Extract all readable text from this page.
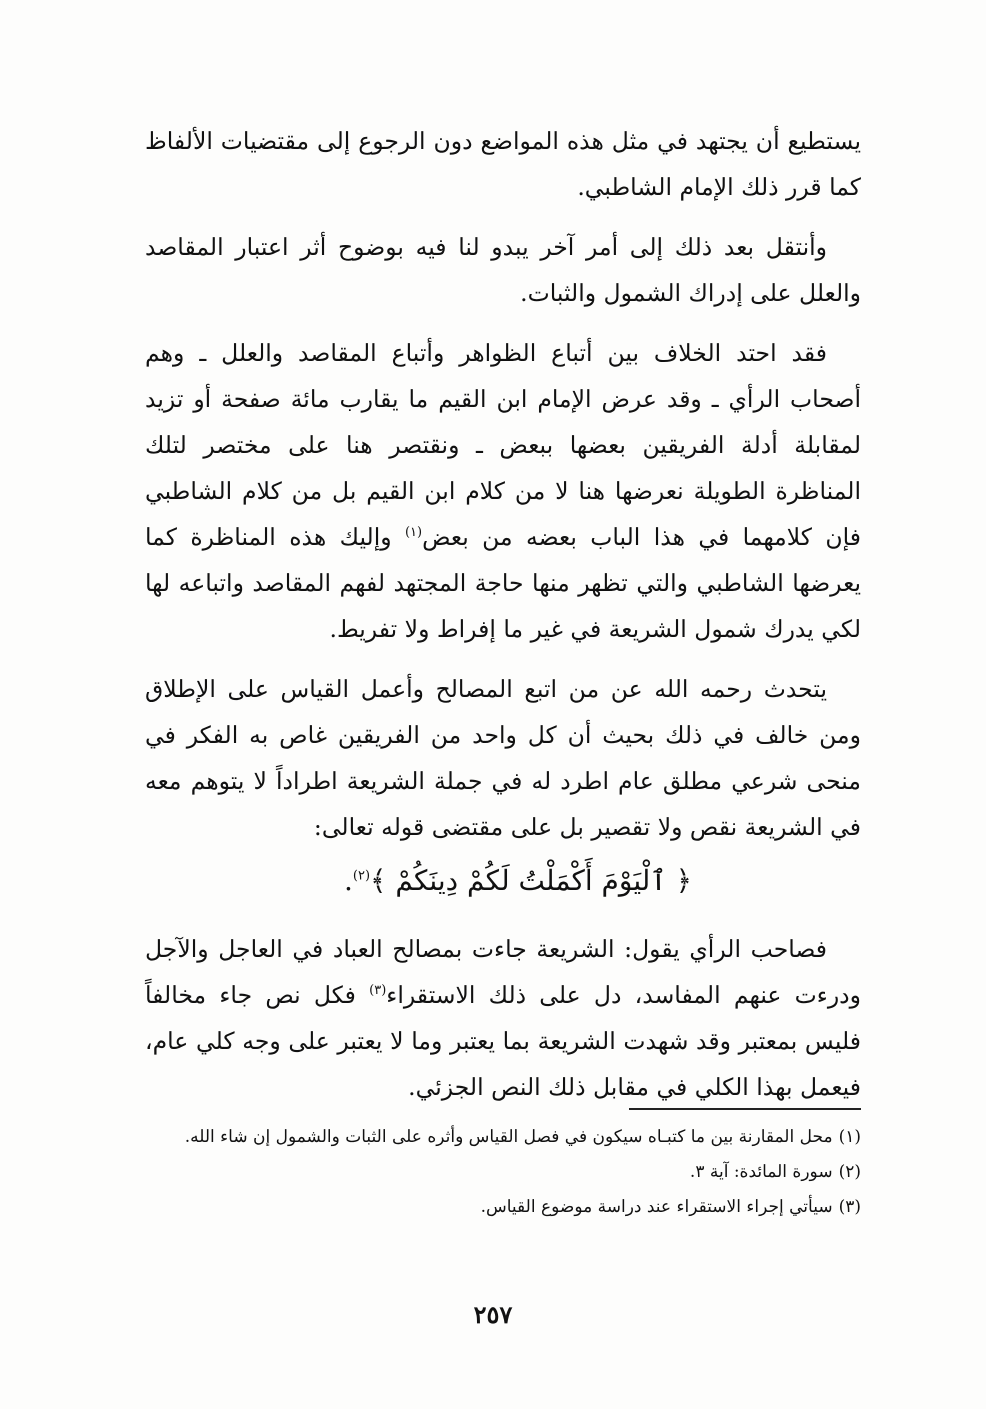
يستطيع أن يجتهد في مثل هذه المواضع دون الرجوع إلى مقتضيات الألفاظ كما قرر ذلك الإمام الشاطبي.

وأنتقل بعد ذلك إلى أمر آخر يبدو لنا فيه بوضوح أثر اعتبار المقاصد والعلل على إدراك الشمول والثبات.

فقد احتد الخلاف بين أتباع الظواهر وأتباع المقاصد والعلل ـ وهم أصحاب الرأي ـ وقد عرض الإمام ابن القيم ما يقارب مائة صفحة أو تزيد لمقابلة أدلة الفريقين بعضها ببعض ـ ونقتصر هنا على مختصر لتلك المناظرة الطويلة نعرضها هنا لا من كلام ابن القيم بل من كلام الشاطبي فإن كلامهما في هذا الباب بعضه من بعض$^{(١)}$ وإليك هذه المناظرة كما يعرضها الشاطبي والتي تظهر منها حاجة المجتهد لفهم المقاصد واتباعه لها لكي يدرك شمول الشريعة في غير ما إفراط ولا تفريط.

يتحدث رحمه الله عن من اتبع المصالح وأعمل القياس على الإطلاق ومن خالف في ذلك بحيث أن كل واحد من الفريقين غاص به الفكر في منحى شرعي مطلق عام اطرد له في جملة الشريعة اطراداً لا يتوهم معه في الشريعة نقص ولا تقصير بل على مقتضى قوله تعالى:

﴿ ٱلْيَوْمَ أَكْمَلْتُ لَكُمْ دِينَكُمْ ﴾$^{(٢)}$.

فصاحب الرأي يقول: الشريعة جاءت بمصالح العباد في العاجل والآجل ودرءت عنهم المفاسد، دل على ذلك الاستقراء$^{(٣)}$ فكل نص جاء مخالفاً فليس بمعتبر وقد شهدت الشريعة بما يعتبر وما لا يعتبر على وجه كلي عام، فيعمل بهذا الكلي في مقابل ذلك النص الجزئي.

(١)محل المقارنة بين ما كتبـاه سيكون في فصل القياس وأثره على الثبات والشمول إن شاء الله.

(٢)سورة المائدة: آية ٣.

(٣)سيأتي إجراء الاستقراء عند دراسة موضوع القياس.

٢٥٧
